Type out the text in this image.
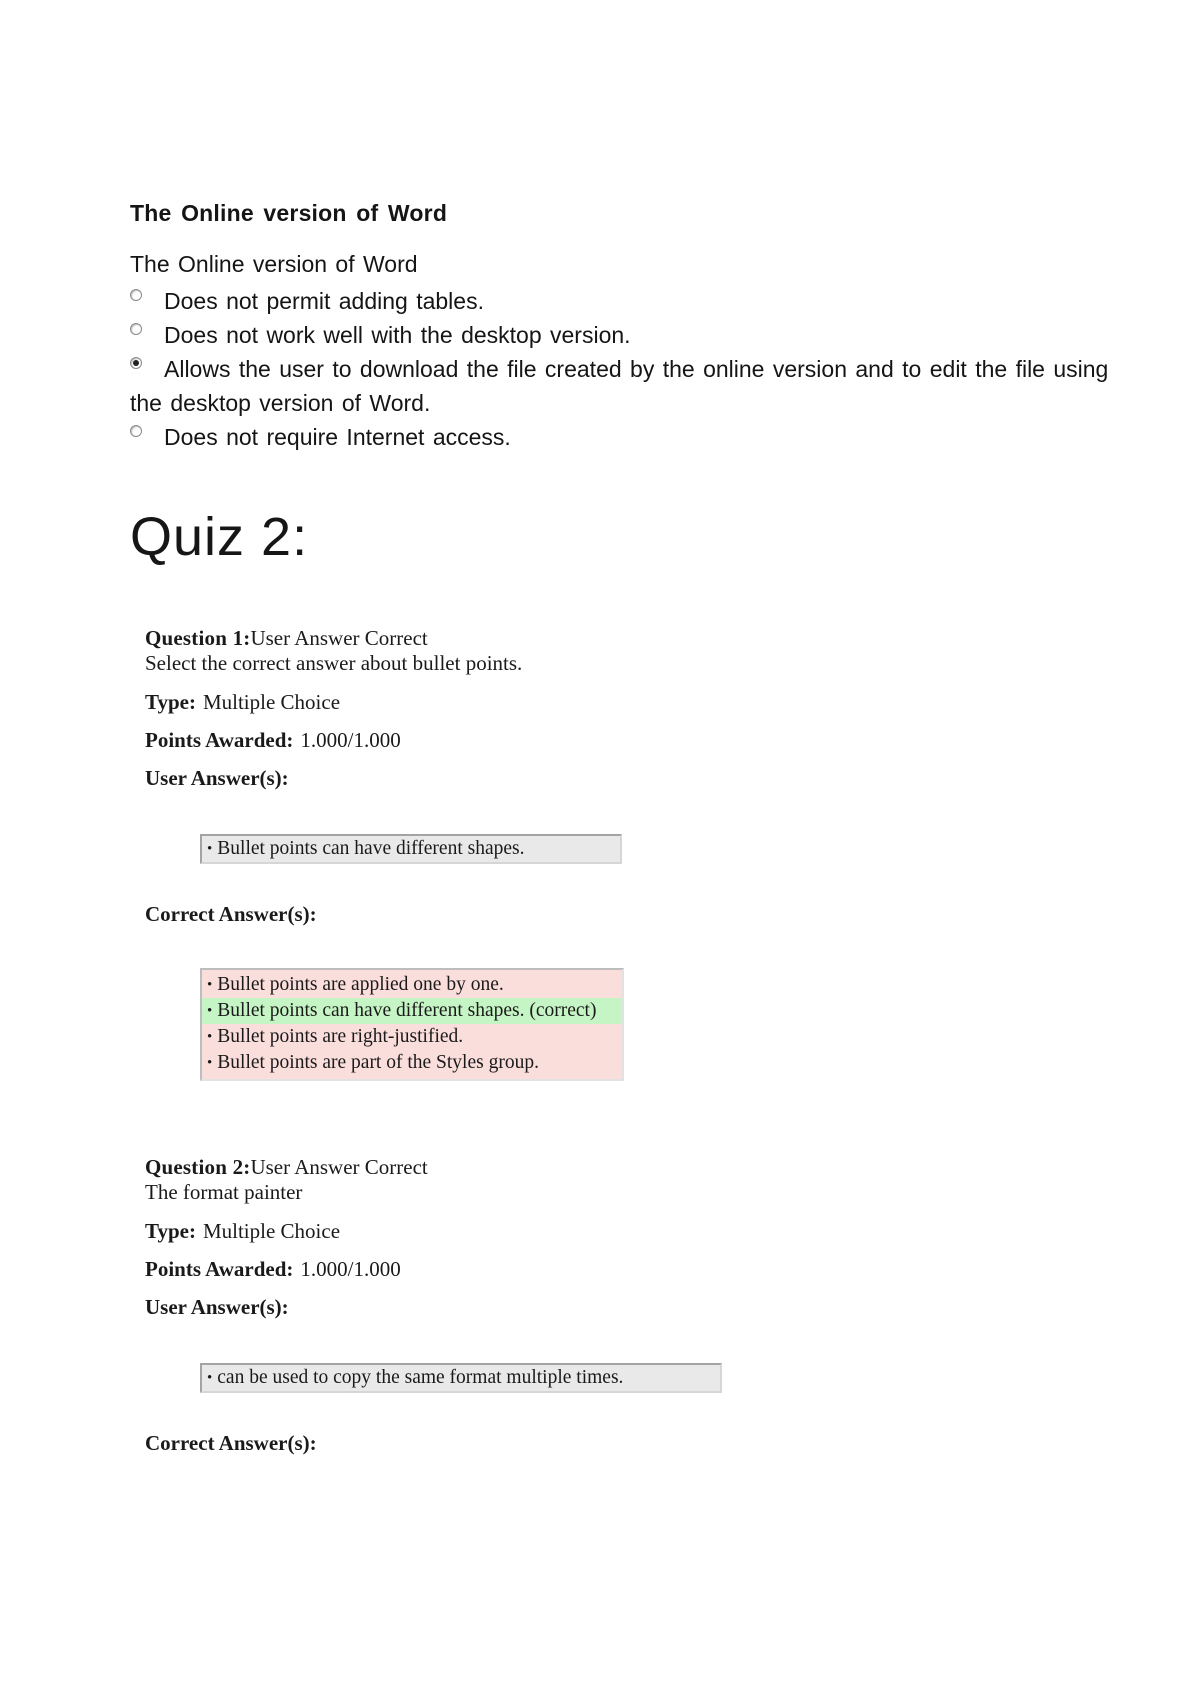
The Online version of Word

The Online version of Word

Does not permit adding tables.

Does not work well with the desktop version.

Allows the user to download the file created by the online version and to edit the file using the desktop version of Word.

Does not require Internet access.

Quiz 2:

Question 1:User Answer Correct

Select the correct answer about bullet points.

Type: Multiple Choice

Points Awarded: 1.000/1.000

User Answer(s):

• Bullet points can have different shapes.

Correct Answer(s):

• Bullet points are applied one by one.
• Bullet points can have different shapes. (correct)
• Bullet points are right-justified.
• Bullet points are part of the Styles group.

Question 2:User Answer Correct

The format painter

Type: Multiple Choice

Points Awarded: 1.000/1.000

User Answer(s):

• can be used to copy the same format multiple times.

Correct Answer(s):
